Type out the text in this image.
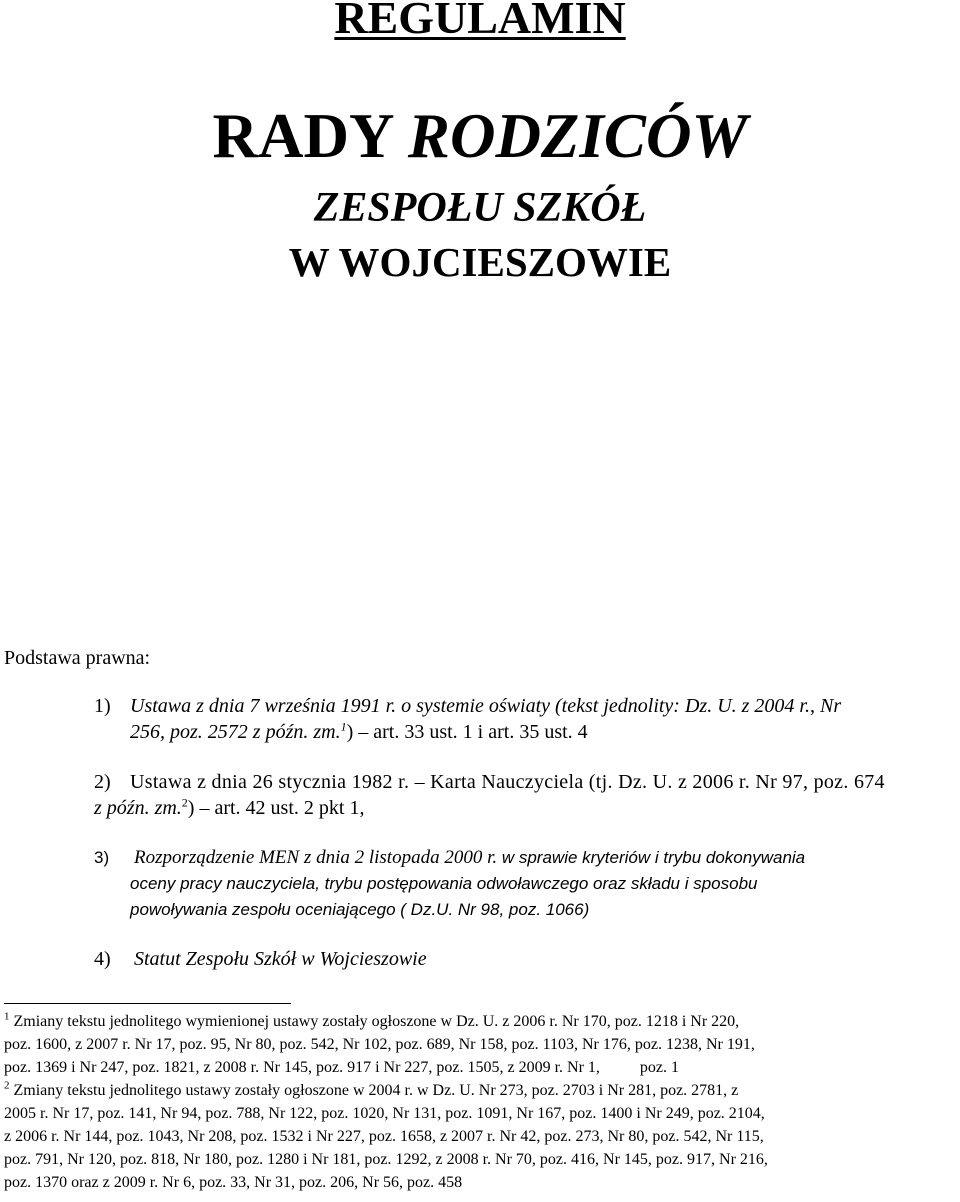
REGULAMIN
RADY RODZICÓW
ZESPOŁU SZKÓŁ
W WOJCIESZOWIE
Podstawa prawna:
1) Ustawa z dnia 7 września 1991 r. o systemie oświaty (tekst jednolity: Dz. U. z 2004 r., Nr
256, poz. 2572 z późn. zm.$^1$) – art. 33 ust. 1 i art. 35 ust. 4
2) Ustawa z dnia 26 stycznia 1982 r. – Karta Nauczyciela (tj. Dz. U. z 2006 r. Nr 97, poz. 674
z późn. zm.$^2$) – art. 42 ust. 2 pkt 1,
3) Rozporządzenie MEN z dnia 2 listopada 2000 r. w sprawie kryteriów i trybu dokonywania
oceny pracy nauczyciela, trybu postępowania odwoławczego oraz składu i sposobu
powoływania zespołu oceniającego ( Dz.U. Nr 98, poz. 1066)
4) Statut Zespołu Szkół w Wojcieszowie
$^1$ Zmiany tekstu jednolitego wymienionej ustawy zostały ogłoszone w Dz. U. z 2006 r. Nr 170, poz. 1218 i Nr 220,
poz. 1600, z 2007 r. Nr 17, poz. 95, Nr 80, poz. 542, Nr 102, poz. 689, Nr 158, poz. 1103, Nr 176, poz. 1238, Nr 191,
poz. 1369 i Nr 247, poz. 1821, z 2008 r. Nr 145, poz. 917 i Nr 227, poz. 1505, z 2009 r. Nr 1,          poz. 1
$^2$ Zmiany tekstu jednolitego ustawy zostały ogłoszone w 2004 r. w Dz. U. Nr 273, poz. 2703 i Nr 281, poz. 2781, z
2005 r. Nr 17, poz. 141, Nr 94, poz. 788, Nr 122, poz. 1020, Nr 131, poz. 1091, Nr 167, poz. 1400 i Nr 249, poz. 2104,
z 2006 r. Nr 144, poz. 1043, Nr 208, poz. 1532 i Nr 227, poz. 1658, z 2007 r. Nr 42, poz. 273, Nr 80, poz. 542, Nr 115,
poz. 791, Nr 120, poz. 818, Nr 180, poz. 1280 i Nr 181, poz. 1292, z 2008 r. Nr 70, poz. 416, Nr 145, poz. 917, Nr 216,
poz. 1370 oraz z 2009 r. Nr 6, poz. 33, Nr 31, poz. 206, Nr 56, poz. 458
